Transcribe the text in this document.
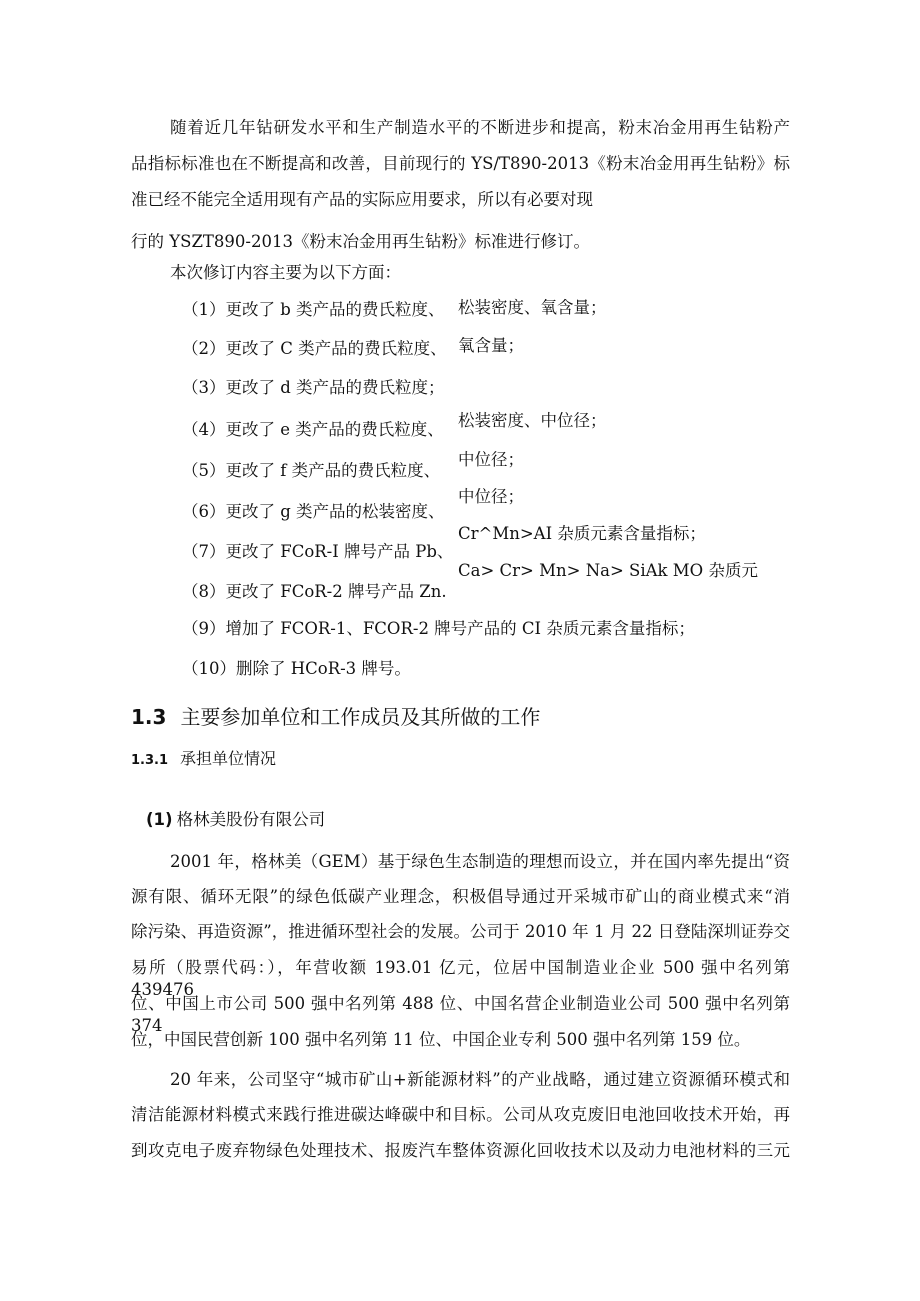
随着近几年钻研发水平和生产制造水平的不断进步和提高，粉末冶金用再生钻粉产
品指标标准也在不断提高和改善，目前现行的 YS/T890-2013《粉末冶金用再生钻粉》标
准已经不能完全适用现有产品的实际应用要求，所以有必要对现
行的 YSZT890-2013《粉末冶金用再生钻粉》标准进行修订。
本次修订内容主要为以下方面：
（1）更改了 b 类产品的费氏粒度、
（2）更改了 C 类产品的费氏粒度、
（3）更改了 d 类产品的费氏粒度；
（4）更改了 e 类产品的费氏粒度、
（5）更改了 f 类产品的费氏粒度、
（6）更改了 g 类产品的松装密度、
（7）更改了 FCoR-I 牌号产品 Pb、
（8）更改了 FCoR-2 牌号产品 Zn.
（9）增加了 FCOR-1、FCOR-2 牌号产品的 CI 杂质元素含量指标；
（10）删除了 HCoR-3 牌号。
松装密度、氧含量；
氧含量；
松装密度、中位径；
中位径；
中位径；
Cr^Mn>AI 杂质元素含量指标；
Ca> Cr> Mn> Na> SiAk MO 杂质元
1.3 主要参加单位和工作成员及其所做的工作
1.3.1 承担单位情况
(1) 格林美股份有限公司
2001 年，格林美（GEM）基于绿色生态制造的理想而设立，并在国内率先提出“资
源有限、循环无限”的绿色低碳产业理念，积极倡导通过开采城市矿山的商业模式来“消
除污染、再造资源”，推进循环型社会的发展。公司于 2010 年 1 月 22 日登陆深圳证券交
易所（股票代码：），年营收额 193.01 亿元，位居中国制造业企业 500 强中名列第 439476
位、中国上市公司 500 强中名列第 488 位、中国名营企业制造业公司 500 强中名列第 374
位，中国民营创新 100 强中名列第 11 位、中国企业专利 500 强中名列第 159 位。
20 年来，公司坚守“城市矿山+新能源材料”的产业战略，通过建立资源循环模式和
清洁能源材料模式来践行推进碳达峰碳中和目标。公司从攻克废旧电池回收技术开始，再
到攻克电子废弃物绿色处理技术、报废汽车整体资源化回收技术以及动力电池材料的三元
